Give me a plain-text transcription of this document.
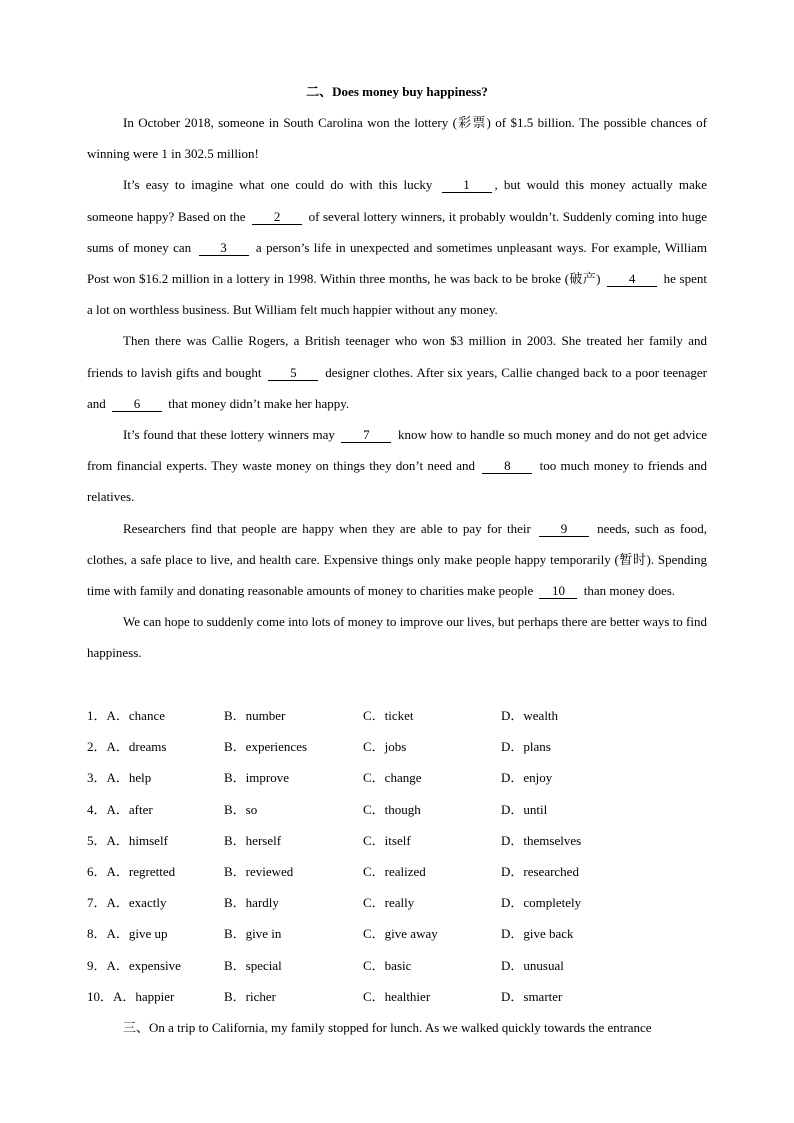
二、Does money buy happiness?

In October 2018, someone in South Carolina won the lottery (彩票) of $1.5 billion. The possible chances of winning were 1 in 302.5 million!

It’s easy to imagine what one could do with this lucky 1 , but would this money actually make someone happy? Based on the 2 of several lottery winners, it probably wouldn’t. Suddenly coming into huge sums of money can 3 a person’s life in unexpected and sometimes unpleasant ways. For example, William Post won $16.2 million in a lottery in 1998. Within three months, he was back to be broke (破产) 4 he spent a lot on worthless business. But William felt much happier without any money.

Then there was Callie Rogers, a British teenager who won $3 million in 2003. She treated her family and friends to lavish gifts and bought 5 designer clothes. After six years, Callie changed back to a poor teenager and 6 that money didn’t make her happy.

It’s found that these lottery winners may 7 know how to handle so much money and do not get advice from financial experts. They waste money on things they don’t need and 8 too much money to friends and relatives.

Researchers find that people are happy when they are able to pay for their 9 needs, such as food, clothes, a safe place to live, and health care. Expensive things only make people happy temporarily (暂时). Spending time with family and donating reasonable amounts of money to charities make people 10 than money does.

We can hope to suddenly come into lots of money to improve our lives, but perhaps there are better ways to find happiness.

1．A．chance	B．number	C．ticket	D．wealth
2．A．dreams	B．experiences	C．jobs	D．plans
3．A．help	B．improve	C．change	D．enjoy
4．A．after	B．so	C．though	D．until
5．A．himself	B．herself	C．itself	D．themselves
6．A．regretted	B．reviewed	C．realized	D．researched
7．A．exactly	B．hardly	C．really	D．completely
8．A．give up	B．give in	C．give away	D．give back
9．A．expensive	B．special	C．basic	D．unusual
10．A．happier	B．richer	C．healthier	D．smarter
三、On a trip to California, my family stopped for lunch. As we walked quickly towards the entrance
